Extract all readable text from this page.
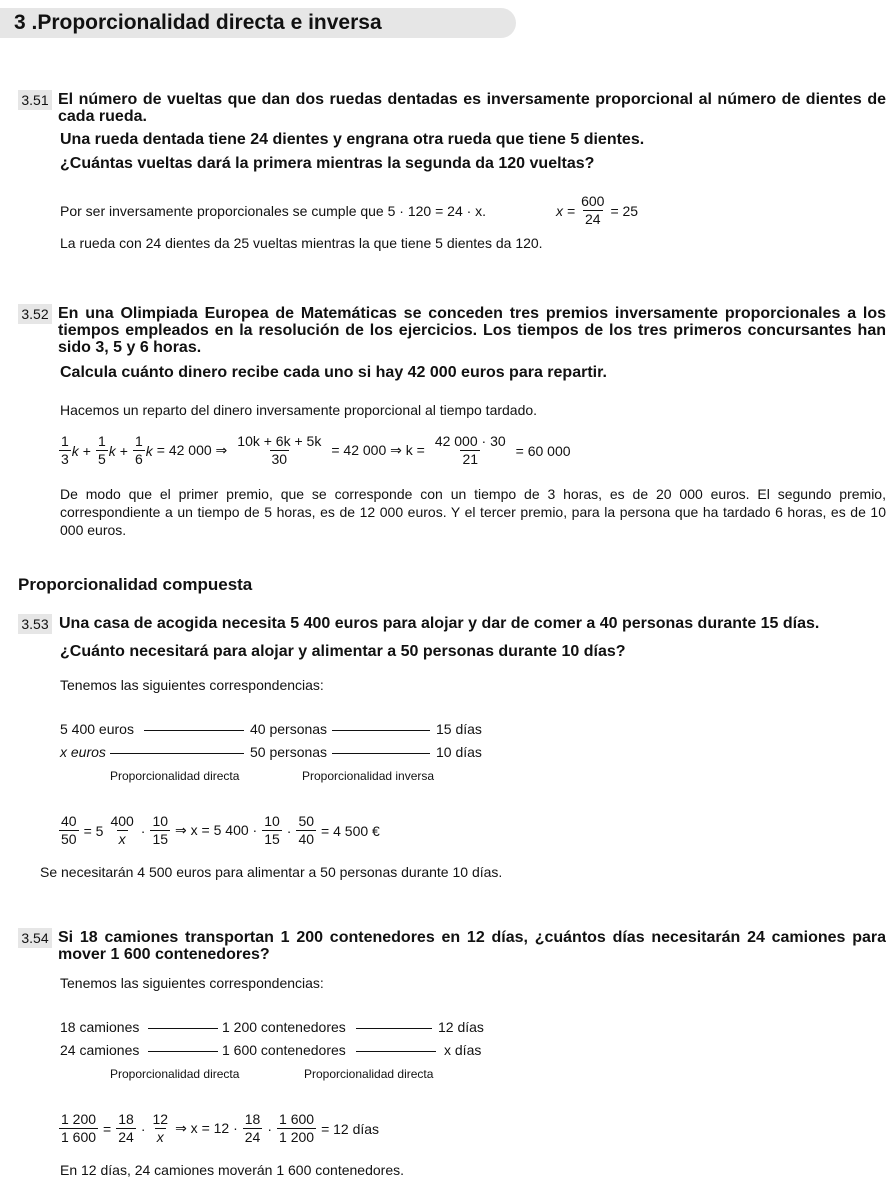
3 .Proporcionalidad directa e inversa
3.51 El número de vueltas que dan dos ruedas dentadas es inversamente proporcional al número de dientes de cada rueda.
Una rueda dentada tiene 24 dientes y engrana otra rueda que tiene 5 dientes.
¿Cuántas vueltas dará la primera mientras la segunda da 120 vueltas?
Por ser inversamente proporcionales se cumple que 5 · 120 = 24 · x.	$x = \frac{600}{24} = 25$
La rueda con 24 dientes da 25 vueltas mientras la que tiene 5 dientes da 120.
3.52 En una Olimpiada Europea de Matemáticas se conceden tres premios inversamente proporcionales a los tiempos empleados en la resolución de los ejercicios. Los tiempos de los tres primeros concursantes han sido 3, 5 y 6 horas.
Calcula cuánto dinero recibe cada uno si hay 42 000 euros para repartir.
Hacemos un reparto del dinero inversamente proporcional al tiempo tardado.
$\frac{1}{3}$ $k + \frac{1}{5}$ $k + \frac{1}{6}$ k = 42 000 ⇒ $\frac{10k + 6k + 5k}{30} = 42$ 000 ⇒ $k = \frac{42 000 \cdot 30}{21} = 60$ 000
De modo que el primer premio, que se corresponde con un tiempo de 3 horas, es de 20 000 euros. El segundo premio, correspondiente a un tiempo de 5 horas, es de 12 000 euros. Y el tercer premio, para la persona que ha tardado 6 horas, es de 10 000 euros.
Proporcionalidad compuesta
3.53 Una casa de acogida necesita 5 400 euros para alojar y dar de comer a 40 personas durante 15 días.
¿Cuánto necesitará para alojar y alimentar a 50 personas durante 10 días?
Tenemos las siguientes correspondencias:
5 400 euros	40 personas	15 días
x euros	50 personas	10 días
Proporcionalidad directa	Proporcionalidad inversa
$\frac{40}{50} = 5 \frac{400}{x} \cdot \frac{10}{15}$ ⇒ x = 5 $400 \cdot \frac{10}{15} \cdot \frac{50}{40} = 4$ 500 €
Se necesitarán 4 500 euros para alimentar a 50 personas durante 10 días.
3.54 Si 18 camiones transportan 1 200 contenedores en 12 días, ¿cuántos días necesitarán 24 camiones para mover 1 600 contenedores?
Tenemos las siguientes correspondencias:
18 camiones	1 200 contenedores	12 días
24 camiones	1 600 contenedores	x días
Proporcionalidad directa	Proporcionalidad directa
$\frac{1 200}{1 600} = \frac{18}{24} \cdot \frac{12}{x}$ ⇒ $x = 12 \cdot \frac{18}{24} \cdot \frac{1 600}{1 200} = 12$ días
En 12 días, 24 camiones moverán 1 600 contenedores.
